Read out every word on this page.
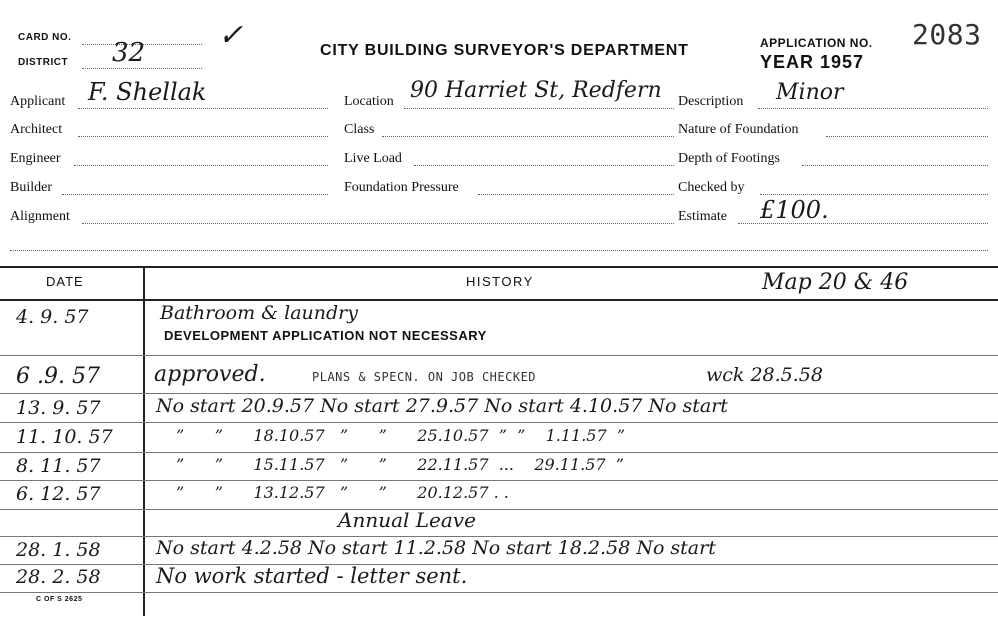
CARD NO.
DISTRICT 32 ✓	CITY BUILDING SURVEYOR'S DEPARTMENT	APPLICATION NO. 2083
YEAR 1957
Applicant F. Shellak	Location 90 Harriet St, Redfern Description Minor
Architect	Class	Nature of Foundation
Engineer	Live Load	Depth of Footings
Builder	Foundation Pressure	Checked by
Alignment	Estimate £100.
DATE	HISTORY	Map 20 & 46
4. 9. 57	Bathroom & laundry
DEVELOPMENT APPLICATION NOT NECESSARY
6 .9. 57 approved.	PLANS & SPECN. ON JOB CHECKED	wck 28.5.58
13. 9. 57	No start 20.9.57 No start 27.9.57 No start 4.10.57 No start
11. 10. 57	”      ”      18.10.57   ”      ”      25.10.57  ”  ”    1.11.57  ”
8. 11. 57	”      ”      15.11.57   ”      ”      22.11.57  ...    29.11.57  ”
6. 12. 57	”      ”      13.12.57   ”      ”      20.12.57 . .
Annual Leave
28. 1. 58	No start 4.2.58 No start 11.2.58 No start 18.2.58 No start
28. 2. 58	No work started - letter sent.
C OF S 2625
